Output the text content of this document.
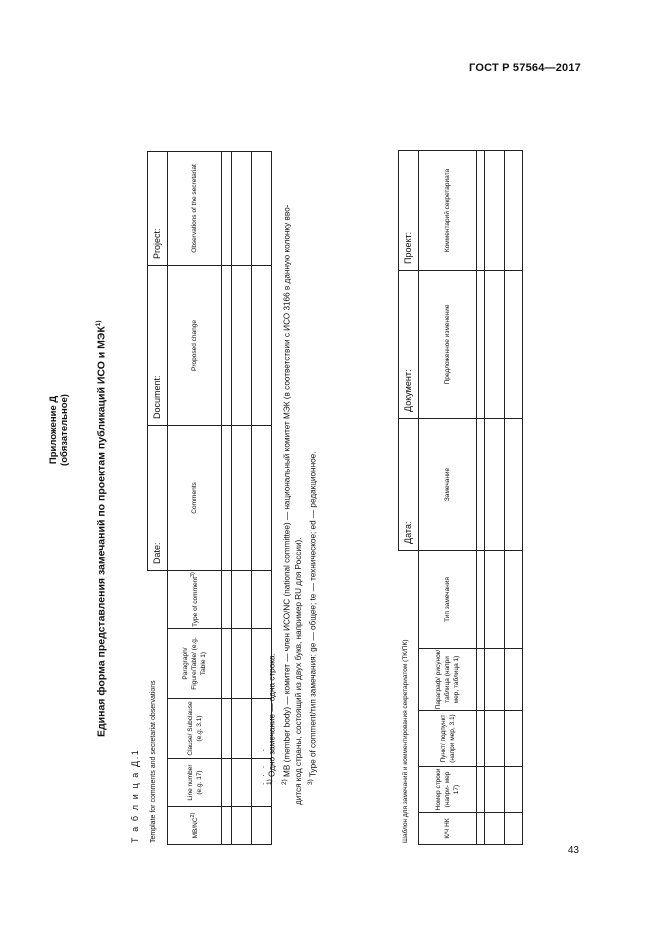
ГОСТ Р 57564—2017
43
Приложение Д (обязательное) Единая форма представления замечаний по проектам публикаций ИСО и МЭК$^{1)}$
Т а б л и ц а Д.1 Template for comments and secretariat observations
					Date:	Document:	Project:
MB/NC$^{2)}$	Line number (e.g. 17)	Clause/ Subclause (e.g. 3.1)	Paragraph/ Figure/Table/ (e.g. Table 1)	Type of comment$^{3)}$	Comments	Proposed change	Observations of the secretariat

. . . . . $^{1)}$ Одно замечание — одна строка.
$^{2)}$ MB (member body) — комитет — член ИСО/NC (national committee) — национальный комитет МЭК (в соответствии с ИСО 3166 в данную колонку вво- дится код страны, состоящий из двух букв, например RU для России). $^{3)}$ Type of comment/тип замечания: ge — общее; te — техническое; ed — редакционное.	Шаблон для замечаний и комментирования секретариатом (ТК/ПК)
					Дата:	Документ:	Проект:
К/Ч НК	Номер строки (напри- мер 17)	Пункт/ подпункт (напри мер, 3.1)	Параграф/ рисунок/ таблица (напри мер, таблица 1)	Тип замечания	Замечание	Предложенное изменение	Комментарий секретариата
